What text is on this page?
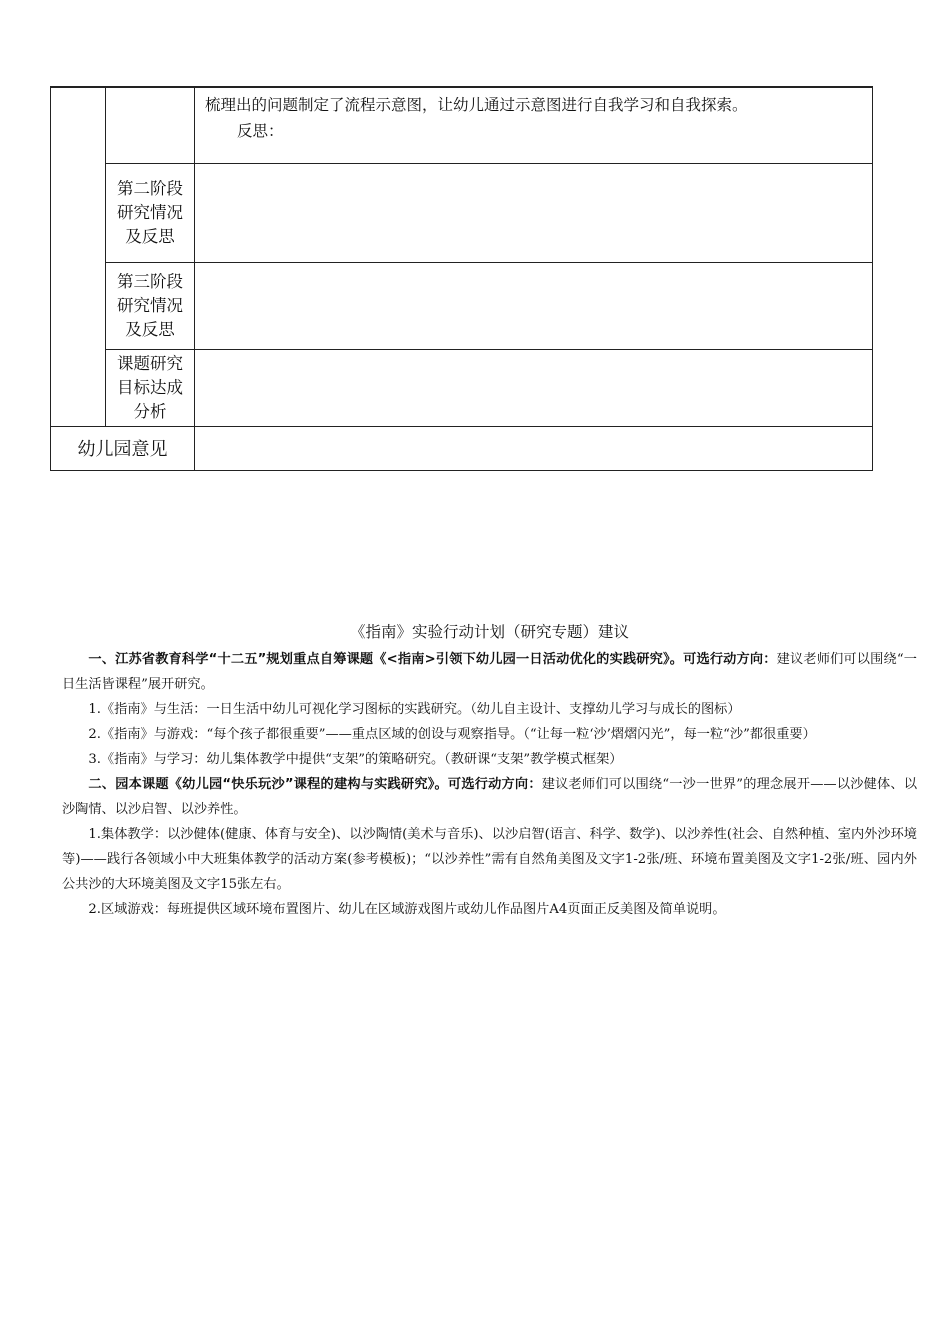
		梳理出的问题制定了流程示意图，让幼儿通过示意图进行自我学习和自我探索。
反思：

	第二阶段
研究情况
及反思	

	第三阶段
研究情况
及反思	

	课题研究
目标达成
分析	

幼儿园意见		
《指南》实验行动计划（研究专题）建议

一、江苏省教育科学“十二五”规划重点自筹课题《<指南>引领下幼儿园一日活动优化的实践研究》。可选行动方向：建议老师们可以围绕“一日生活皆课程”展开研究。

1.《指南》与生活：一日生活中幼儿可视化学习图标的实践研究。（幼儿自主设计、支撑幼儿学习与成长的图标）

2.《指南》与游戏：“每个孩子都很重要”——重点区域的创设与观察指导。（“让每一粒‘沙’熠熠闪光”，每一粒“沙”都很重要）

3.《指南》与学习：幼儿集体教学中提供“支架”的策略研究。（教研课“支架”教学模式框架）

二、园本课题《幼儿园“快乐玩沙”课程的建构与实践研究》。可选行动方向：建议老师们可以围绕“一沙一世界”的理念展开——以沙健体、以沙陶情、以沙启智、以沙养性。

1.集体教学：以沙健体(健康、体育与安全)、以沙陶情(美术与音乐)、以沙启智(语言、科学、数学)、以沙养性(社会、自然种植、室内外沙环境等)——践行各领域小中大班集体教学的活动方案(参考模板)；“以沙养性”需有自然角美图及文字1-2张/班、环境布置美图及文字1-2张/班、园内外公共沙的大环境美图及文字15张左右。

2.区域游戏：每班提供区域环境布置图片、幼儿在区域游戏图片或幼儿作品图片A4页面正反美图及简单说明。
